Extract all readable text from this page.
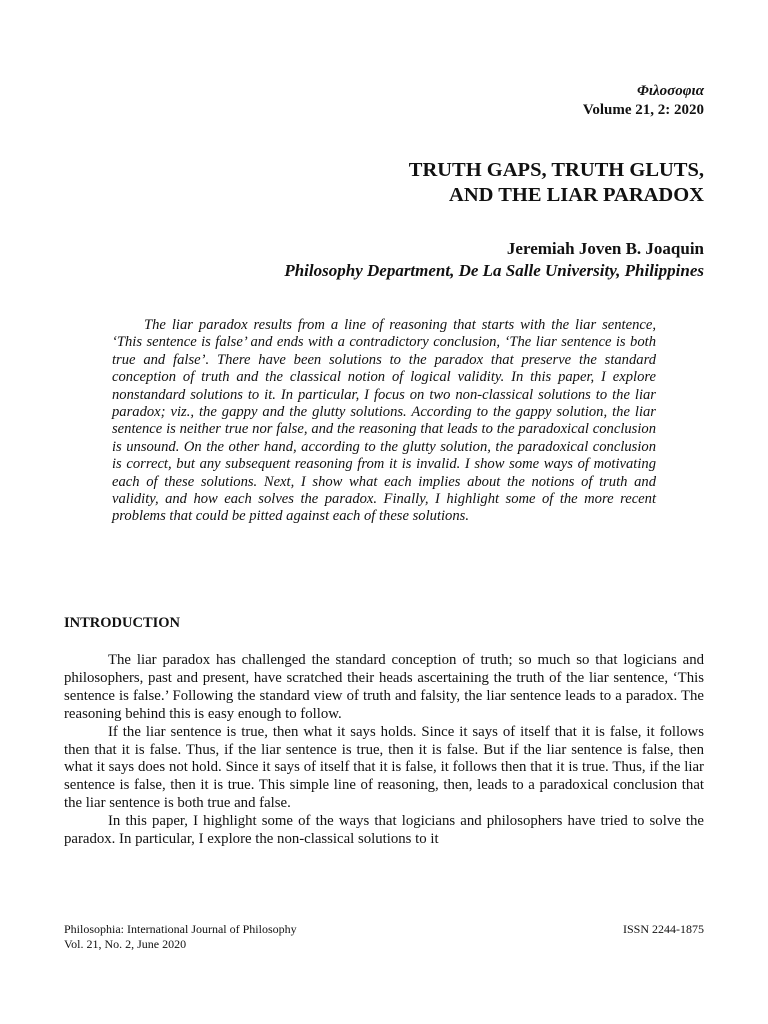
Φιλοσοφια
Volume 21, 2: 2020
TRUTH GAPS, TRUTH GLUTS,
AND THE LIAR PARADOX
Jeremiah Joven B. Joaquin
Philosophy Department, De La Salle University, Philippines

The liar paradox results from a line of reasoning that starts with the liar sentence, ‘This sentence is false’ and ends with a contradictory conclusion, ‘The liar sentence is both true and false’. There have been solutions to the paradox that preserve the standard conception of truth and the classical notion of logical validity. In this paper, I explore nonstandard solutions to it. In particular, I focus on two non-classical solutions to the liar paradox; viz., the gappy and the glutty solutions. According to the gappy solution, the liar sentence is neither true nor false, and the reasoning that leads to the paradoxical conclusion is unsound. On the other hand, according to the glutty solution, the paradoxical conclusion is correct, but any subsequent reasoning from it is invalid. I show some ways of motivating each of these solutions. Next, I show what each implies about the notions of truth and validity, and how each solves the paradox. Finally, I highlight some of the more recent problems that could be pitted against each of these solutions.

INTRODUCTION

The liar paradox has challenged the standard conception of truth; so much so that logicians and philosophers, past and present, have scratched their heads ascertaining the truth of the liar sentence, ‘This sentence is false.’ Following the standard view of truth and falsity, the liar sentence leads to a paradox. The reasoning behind this is easy enough to follow.

If the liar sentence is true, then what it says holds. Since it says of itself that it is false, it follows then that it is false. Thus, if the liar sentence is true, then it is false. But if the liar sentence is false, then what it says does not hold. Since it says of itself that it is false, it follows then that it is true. Thus, if the liar sentence is false, then it is true. This simple line of reasoning, then, leads to a paradoxical conclusion that the liar sentence is both true and false.

In this paper, I highlight some of the ways that logicians and philosophers have tried to solve the paradox. In particular, I explore the non-classical solutions to it

Philosophia: International Journal of Philosophy
Vol. 21, No. 2, June 2020
ISSN 2244-1875
